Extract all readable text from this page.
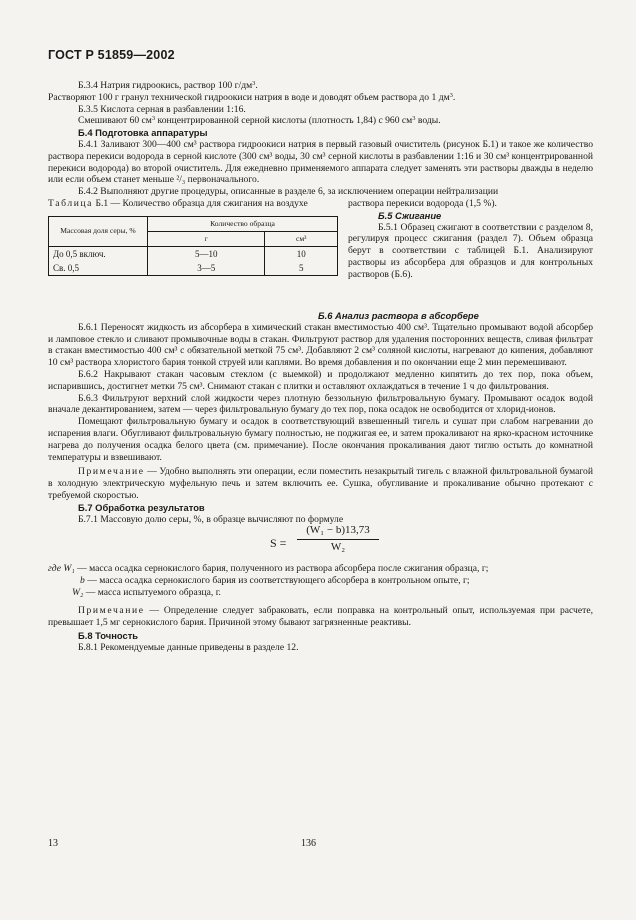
ГОСТ Р 51859—2002

Б.3.4 Натрия гидроокись, раствор 100 $г/дм^3$.

Растворяют 100 г гранул технической гидроокиси натрия в воде и доводят объем раствора до 1 $дм^3$.

Б.3.5 Кислота серная в разбавлении 1:16.

Смешивают 60 $см^3$ концентрированной серной кислоты (плотность 1,84) с 960 $см^3$ воды.

Б.4 Подготовка аппаратуры

Б.4.1 Заливают 300—400 см³ раствора гидроокиси натрия в первый газовый очиститель (рисунок Б.1) и такое же количество раствора перекиси водорода в серной кислоте (300 см³ воды, 30 см³ серной кислоты в разбавлении 1:16 и 30 см³ концентрированной перекиси водорода) во второй очиститель. Для ежедневно применяемого аппарата следует заменять эти растворы дважды в неделю или если объем станет меньше ²/₃ первоначального.

Б.4.2 Выполняют другие процедуры, описанные в разделе 6, за исключением операции нейтрализации

Таблица Б.1 — Количество образца для сжигания на воздухе

Массовая доля серы, %	Количество образца	
	г	см³
До 0,5 включ.	5—10	10
Св. 0,5	3—5	5

раствора перекиси водорода (1,5 %).

Б.5 Сжигание

Б.5.1 Образец сжигают в соответствии с разделом 8, регулируя процесс сжигания (раздел 7). Объем образца берут в соответствии с таблицей Б.1. Анализируют растворы из абсорбера для образцов и для контрольных растворов (Б.6).

Б.6 Анализ раствора в абсорбере

Б.6.1 Переносят жидкость из абсорбера в химический стакан вместимостью 400 см³. Тщательно промывают водой абсорбер и ламповое стекло и сливают промывочные воды в стакан. Фильтруют раствор для удаления посторонних веществ, сливая фильтрат в стакан вместимостью 400 см³ с обязательной меткой 75 см³. Добавляют 2 см³ соляной кислоты, нагревают до кипения, добавляют 10 см³ раствора хлористого бария тонкой струей или каплями. Во время добавления и по окончании еще 2 мин перемешивают.

Б.6.2 Накрывают стакан часовым стеклом (с выемкой) и продолжают медленно кипятить до тех пор, пока объем, испарившись, достигнет метки 75 см³. Снимают стакан с плитки и оставляют охлаждаться в течение 1 ч до фильтрования.

Б.6.3 Фильтруют верхний слой жидкости через плотную беззольную фильтровальную бумагу. Промывают осадок водой вначале декантированием, затем — через фильтровальную бумагу до тех пор, пока осадок не освободится от хлорид-ионов.

Помещают фильтровальную бумагу и осадок в соответствующий взвешенный тигель и сушат при слабом нагревании до испарения влаги. Обугливают фильтровальную бумагу полностью, не поджигая ее, и затем прокаливают на ярко-красном источнике нагрева до получения осадка белого цвета (см. примечание). После окончания прокаливания дают тиглю остыть до комнатной температуры и взвешивают.

Примечание — Удобно выполнять эти операции, если поместить незакрытый тигель с влажной фильтровальной бумагой в холодную электрическую муфельную печь и затем включить ее. Сушка, обугливание и прокаливание обычно протекают с требуемой скоростью.

Б.7 Обработка результатов

Б.7.1 Массовую долю серы, %, в образце вычисляют по формуле

S =
(W₁ − b)13,73
W₂

где W₁ — масса осадка сернокислого бария, полученного из раствора абсорбера после сжигания образца, г;

b — масса осадка сернокислого бария из соответствующего абсорбера в контрольном опыте, г;

W₂ — масса испытуемого образца, г.

Примечание — Определение следует забраковать, если поправка на контрольный опыт, используемая при расчете, превышает 1,5 мг сернокислого бария. Причиной этому бывают загрязненные реактивы.

Б.8 Точность

Б.8.1 Рекомендуемые данные приведены в разделе 12.

13	136
